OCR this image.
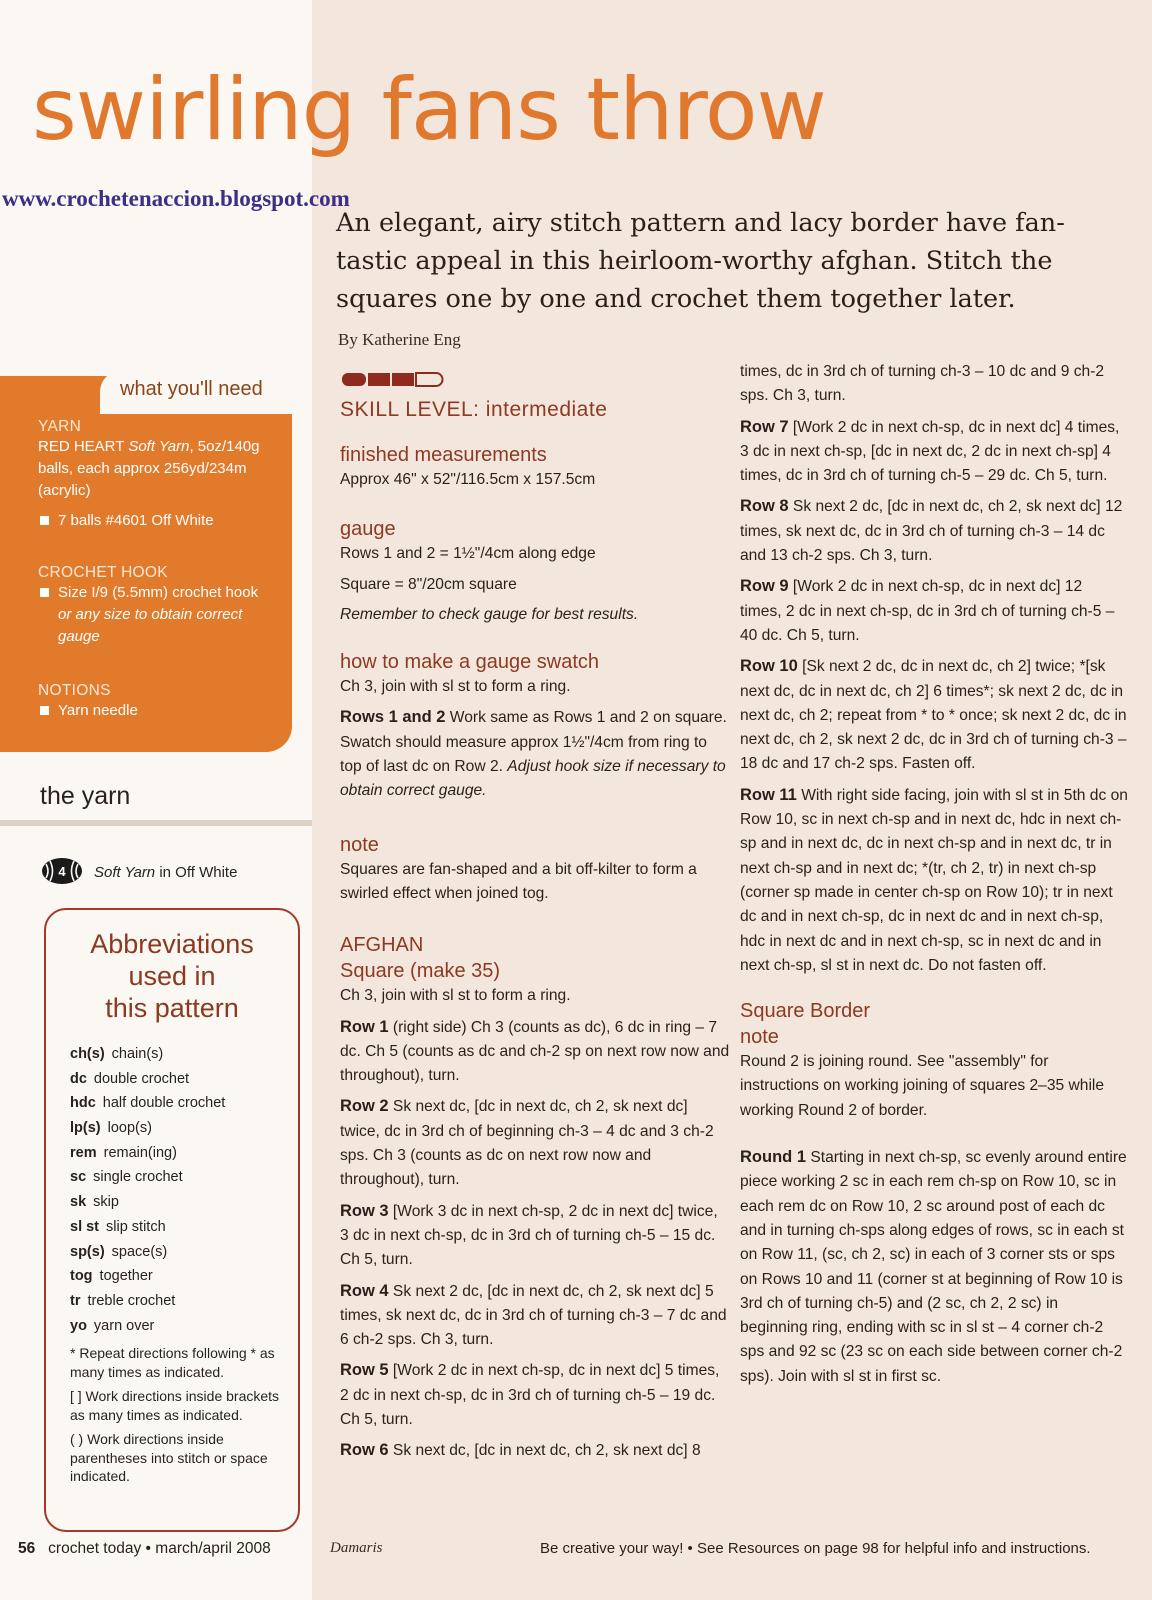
swirling fans throw
www.crochetenaccion.blogspot.com

An elegant, airy stitch pattern and lacy border have fan-tastic appeal in this heirloom-worthy afghan. Stitch the squares one by one and crochet them together later.

By Katherine Eng
what you'll need
YARN
RED HEART Soft Yarn, 5oz/140g balls, each approx 256yd/234m (acrylic)
7 balls #4601 Off White
CROCHET HOOK
Size I/9 (5.5mm) crochet hook
or any size to obtain correct gauge
NOTIONS
Yarn needle
the yarn
4 Soft Yarn in Off White
Abbreviations
used in
this pattern
ch(s) chain(s)
dc double crochet
hdc half double crochet
lp(s) loop(s)
rem remain(ing)
sc single crochet
sk skip
sl st slip stitch
sp(s) space(s)
tog together
tr treble crochet
yo yarn over
* Repeat directions following * as many times as indicated.
[ ] Work directions inside brackets as many times as indicated.
( ) Work directions inside parentheses into stitch or space indicated.
SKILL LEVEL: intermediate
finished measurements

Approx 46" x 52"/116.5cm x 157.5cm

gauge

Rows 1 and 2 = 1½"/4cm along edge

Square = 8"/20cm square

Remember to check gauge for best results.

how to make a gauge swatch

Ch 3, join with sl st to form a ring.

Rows 1 and 2 Work same as Rows 1 and 2 on square. Swatch should measure approx 1½"/4cm from ring to top of last dc on Row 2. Adjust hook size if necessary to obtain correct gauge.

note

Squares are fan-shaped and a bit off-kilter to form a swirled effect when joined tog.

AFGHAN
Square (make 35)

Ch 3, join with sl st to form a ring.

Row 1 (right side) Ch 3 (counts as dc), 6 dc in ring – 7 dc. Ch 5 (counts as dc and ch-2 sp on next row now and throughout), turn.

Row 2 Sk next dc, [dc in next dc, ch 2, sk next dc] twice, dc in 3rd ch of beginning ch-3 – 4 dc and 3 ch-2 sps. Ch 3 (counts as dc on next row now and throughout), turn.

Row 3 [Work 3 dc in next ch-sp, 2 dc in next dc] twice, 3 dc in next ch-sp, dc in 3rd ch of turning ch-5 – 15 dc. Ch 5, turn.

Row 4 Sk next 2 dc, [dc in next dc, ch 2, sk next dc] 5 times, sk next dc, dc in 3rd ch of turning ch-3 – 7 dc and 6 ch-2 sps. Ch 3, turn.

Row 5 [Work 2 dc in next ch-sp, dc in next dc] 5 times, 2 dc in next ch-sp, dc in 3rd ch of turning ch-5 – 19 dc. Ch 5, turn.

Row 6 Sk next dc, [dc in next dc, ch 2, sk next dc] 8

times, dc in 3rd ch of turning ch-3 – 10 dc and 9 ch-2 sps. Ch 3, turn.

Row 7 [Work 2 dc in next ch-sp, dc in next dc] 4 times, 3 dc in next ch-sp, [dc in next dc, 2 dc in next ch-sp] 4 times, dc in 3rd ch of turning ch-5 – 29 dc. Ch 5, turn.

Row 8 Sk next 2 dc, [dc in next dc, ch 2, sk next dc] 12 times, sk next dc, dc in 3rd ch of turning ch-3 – 14 dc and 13 ch-2 sps. Ch 3, turn.

Row 9 [Work 2 dc in next ch-sp, dc in next dc] 12 times, 2 dc in next ch-sp, dc in 3rd ch of turning ch-5 – 40 dc. Ch 5, turn.

Row 10 [Sk next 2 dc, dc in next dc, ch 2] twice; *[sk next dc, dc in next dc, ch 2] 6 times*; sk next 2 dc, dc in next dc, ch 2; repeat from * to * once; sk next 2 dc, dc in next dc, ch 2, sk next 2 dc, dc in 3rd ch of turning ch-3 – 18 dc and 17 ch-2 sps. Fasten off.

Row 11 With right side facing, join with sl st in 5th dc on Row 10, sc in next ch-sp and in next dc, hdc in next ch-sp and in next dc, dc in next ch-sp and in next dc, tr in next ch-sp and in next dc; *(tr, ch 2, tr) in next ch-sp (corner sp made in center ch-sp on Row 10); tr in next dc and in next ch-sp, dc in next dc and in next ch-sp, hdc in next dc and in next ch-sp, sc in next dc and in next ch-sp, sl st in next dc. Do not fasten off.

Square Border
note

Round 2 is joining round. See "assembly" for instructions on working joining of squares 2–35 while working Round 2 of border.

Round 1 Starting in next ch-sp, sc evenly around entire piece working 2 sc in each rem ch-sp on Row 10, sc in each rem dc on Row 10, 2 sc around post of each dc and in turning ch-sps along edges of rows, sc in each st on Row 11, (sc, ch 2, sc) in each of 3 corner sts or sps on Rows 10 and 11 (corner st at beginning of Row 10 is 3rd ch of turning ch-5) and (2 sc, ch 2, 2 sc) in beginning ring, ending with sc in sl st – 4 corner ch-2 sps and 92 sc (23 sc on each side between corner ch-2 sps). Join with sl st in first sc.

56 crochet today • march/april 2008	Damaris	Be creative your way! • See Resources on page 98 for helpful info and instructions.
